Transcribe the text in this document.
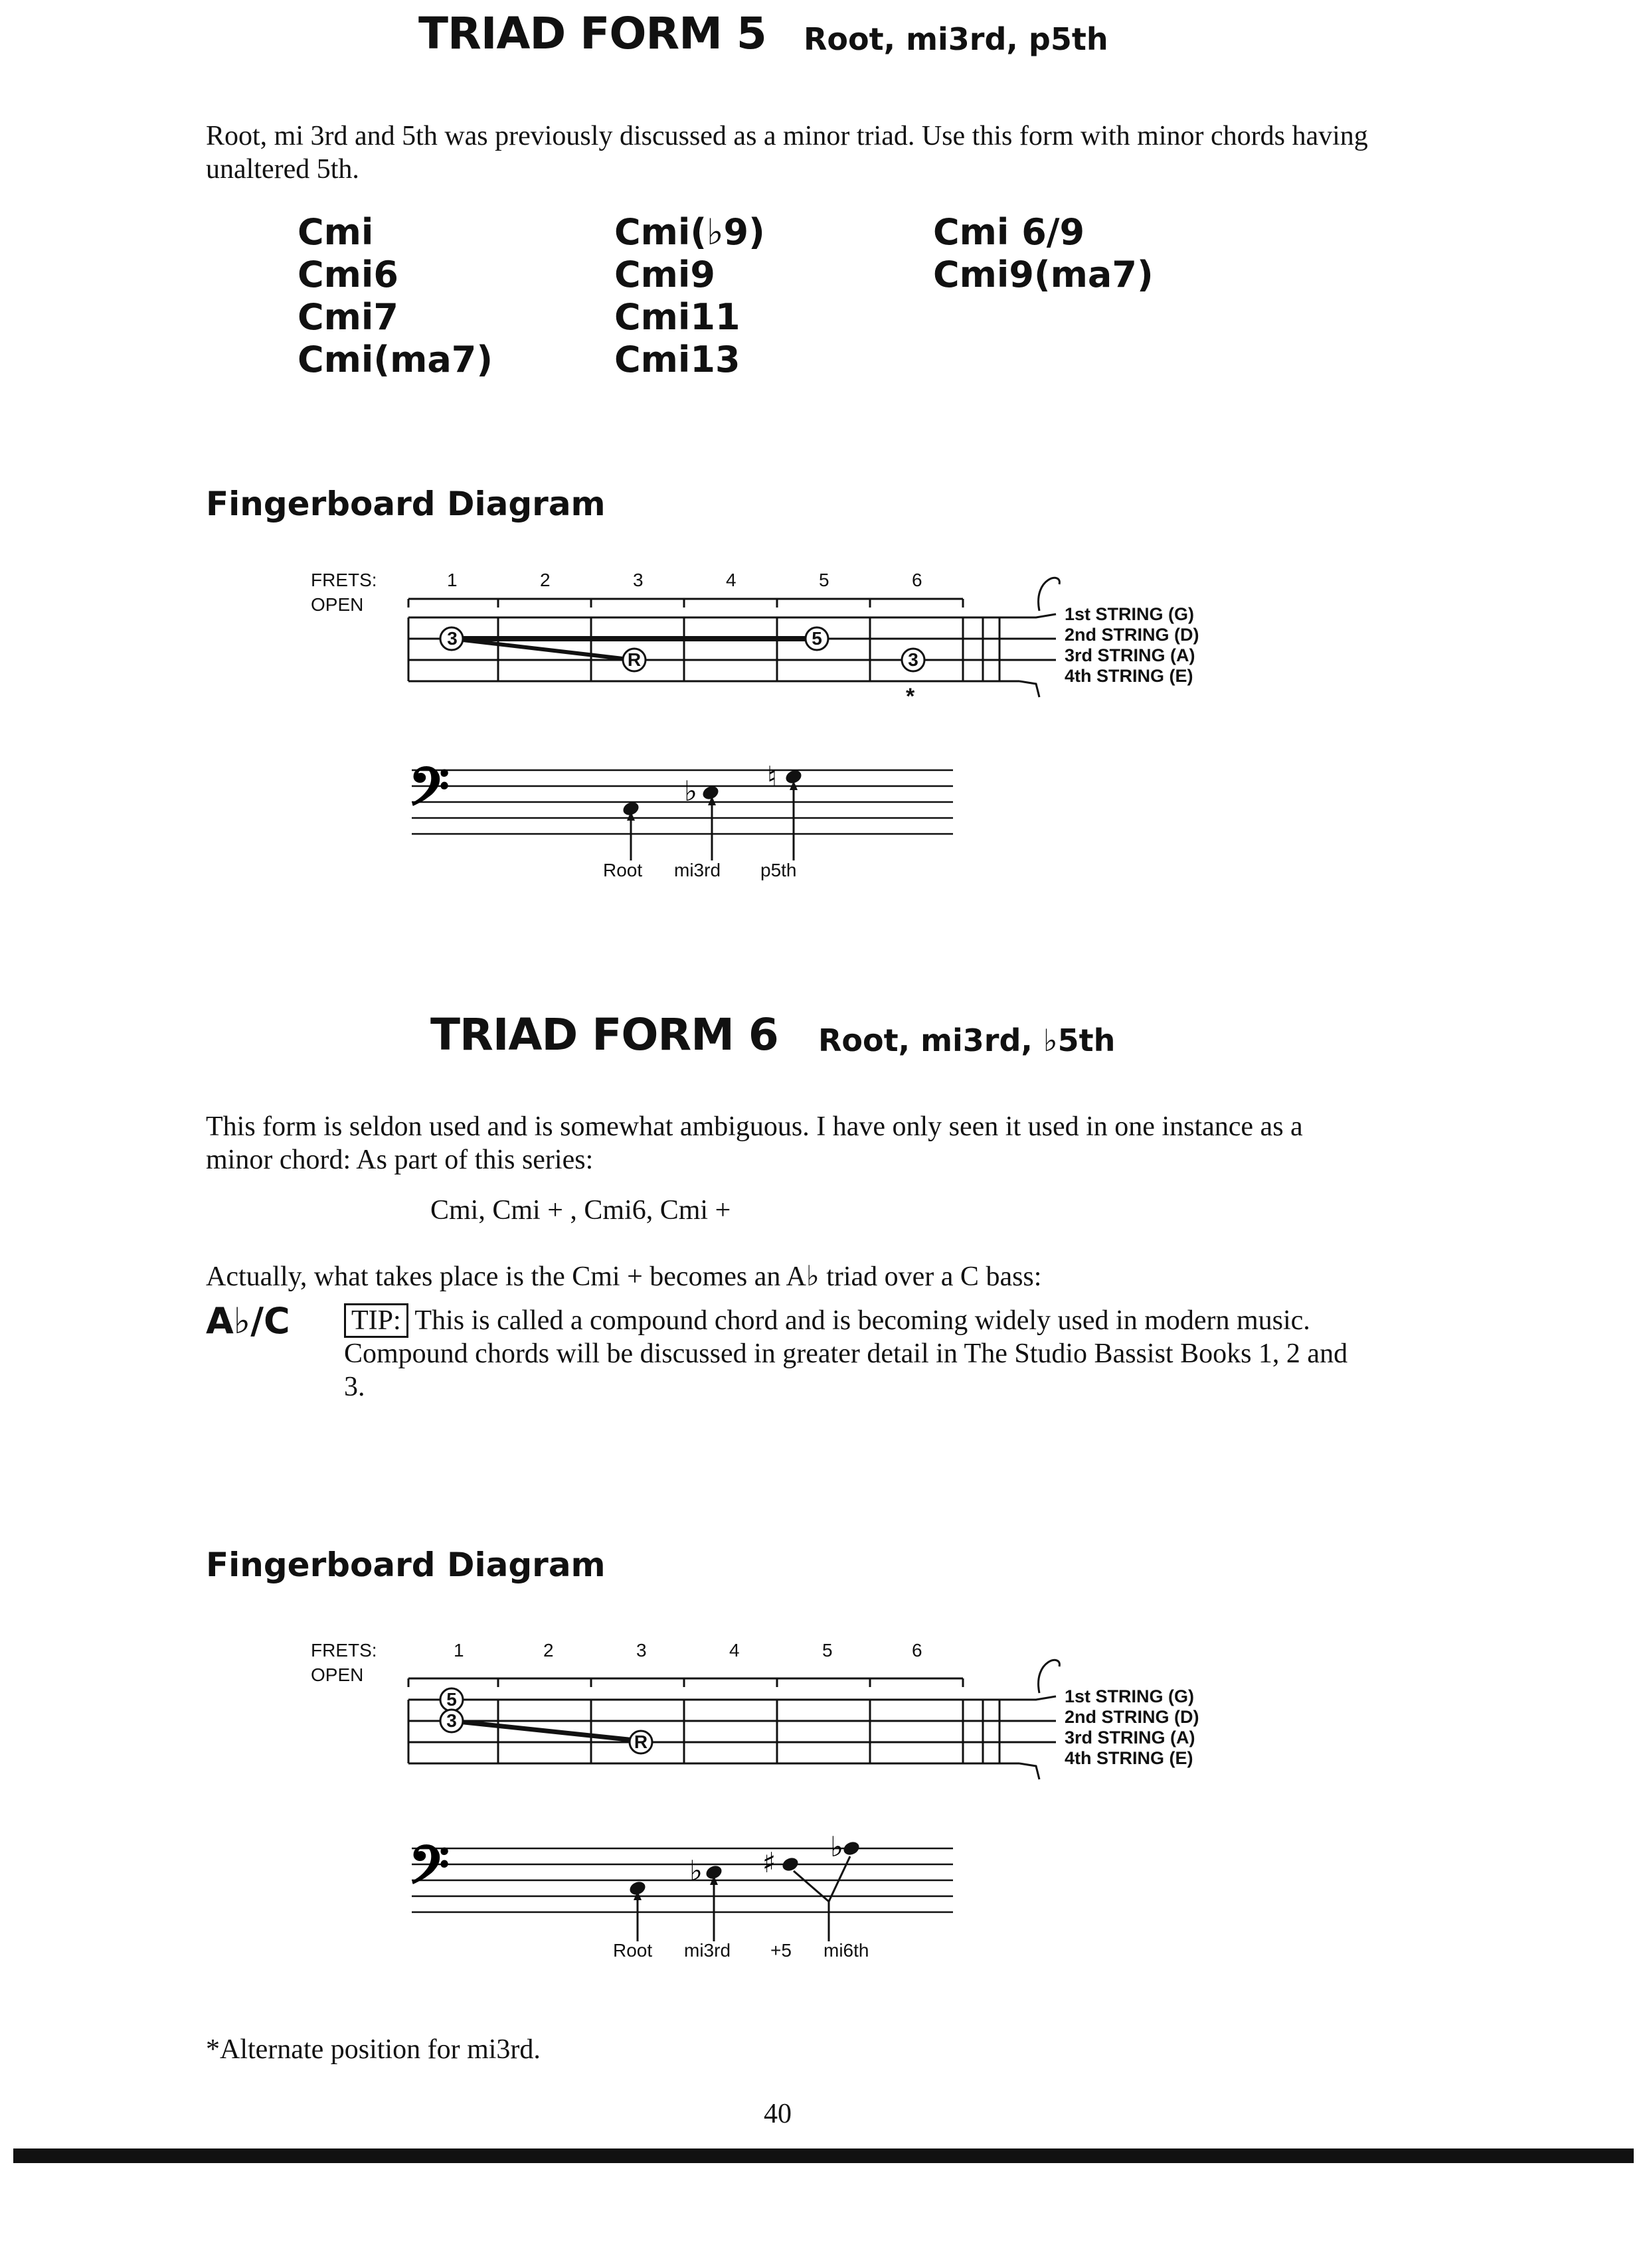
TRIAD FORM 5 Root, mi3rd, p5th
Root, mi 3rd and 5th was previously discussed as a minor triad. Use this form with minor chords having unaltered 5th.
Cmi
Cmi6
Cmi7
Cmi(ma7)
Cmi(♭9)
Cmi9
Cmi11
Cmi13
Cmi 6/9
Cmi9(ma7)
Fingerboard Diagram
FRETS:
OPEN
1	2	3	4	5	6
3
R
5
3
*
1st STRING (G)
2nd STRING (D)
3rd STRING (A)
4th STRING (E)
𝄢	♭	♮
Root mi3rd p5th
TRIAD FORM 6 Root, mi3rd, ♭5th
This form is seldon used and is somewhat ambiguous. I have only seen it used in one instance as a minor chord: As part of this series:
Cmi, Cmi + , Cmi6, Cmi +
Actually, what takes place is the Cmi + becomes an A♭ triad over a C bass:
A♭/C TIP: This is called a compound chord and is becoming widely used in modern music. Compound chords will be discussed in greater detail in The Studio Bassist Books 1, 2 and 3.
Fingerboard Diagram
FRETS:
OPEN
1	2	3	4	5	6
5
3
R
1st STRING (G)
2nd STRING (D)
3rd STRING (A)
4th STRING (E)
𝄢	♭ ♯ ♭
Root mi3rd +5 mi6th
*Alternate position for mi3rd.
40
